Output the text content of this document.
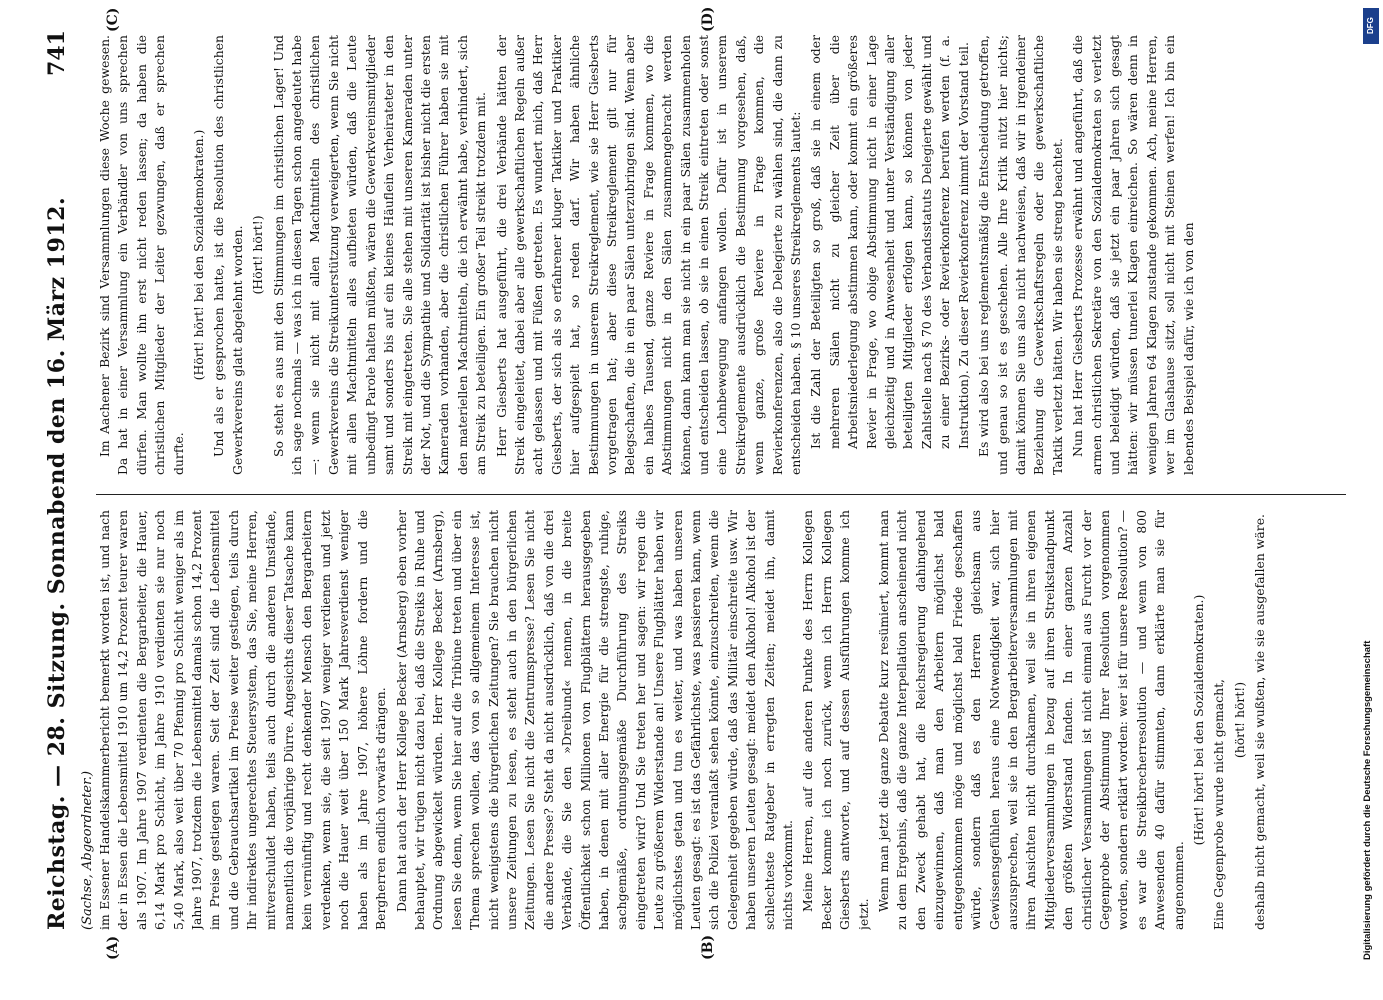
Reichstag. — 28. Sitzung. Sonnabend den 16. März 1912.
741
(Sachse, Abgeordneter.)
(A)	(B)
(C)	(D)

im Essener Handelskammerbericht bemerkt worden ist, und nach der in Essen die Lebensmittel 1910 um 14,2 Prozent teurer waren als 1907. Im Jahre 1907 verdienten die Bergarbeiter, die Hauer, 6,14 Mark pro Schicht, im Jahre 1910 verdienten sie nur noch 5,40 Mark, also weit über 70 Pfennig pro Schicht weniger als im Jahre 1907, trotzdem die Lebensmittel damals schon 14,2 Prozent im Preise gestiegen waren. Seit der Zeit sind die Lebensmittel und die Gebrauchsartikel im Preise weiter gestiegen, teils durch Ihr indirektes ungerechtes Steuersystem, das Sie, meine Herren, mitverschuldet haben, teils auch durch die anderen Umstände, namentlich die vorjährige Dürre. Angesichts dieser Tatsache kann kein vernünftig und recht denkender Mensch den Bergarbeitern verdenken, wenn sie, die seit 1907 weniger verdienen und jetzt noch die Hauer weit über 150 Mark Jahresverdienst weniger haben als im Jahre 1907, höhere Löhne fordern und die Bergherren endlich vorwärts drängen. Dann hat auch der Herr Kollege Becker (Arnsberg) eben vorher behauptet, wir trügen nicht dazu bei, daß die Streiks in Ruhe und Ordnung abgewickelt würden. Herr Kollege Becker (Arnsberg), lesen Sie denn, wenn Sie hier auf die Tribüne treten und über ein Thema sprechen wollen, das von so allgemeinem Interesse ist, nicht wenigstens die bürgerlichen Zeitungen? Sie brauchen nicht unsere Zeitungen zu lesen, es steht auch in den bürgerlichen Zeitungen. Lesen Sie nicht die Zentrumspresse? Lesen Sie nicht die andere Presse? Steht da nicht ausdrücklich, daß von die drei Verbände, die Sie den »Dreibund« nennen, in die breite Öffentlichkeit schon Millionen von Flugblättern herausgegeben haben, in denen mit aller Energie für die strengste, ruhige, sachgemäße, ordnungsgemäße Durchführung des Streiks eingetreten wird? Und Sie treten her und sagen: wir regen die Leute zu größerem Widerstande an! Unsere Flugblätter haben wir möglichstes getan und tun es weiter, und was haben unseren Leuten gesagt: es ist das Gefährlichste, was passieren kann, wenn sich die Polizei veranlaßt sehen könnte, einzuschreiten, wenn die Gelegenheit gegeben würde, daß das Militär einschreite usw. Wir haben unseren Leuten gesagt: meidet den Alkohol! Alkohol ist der schlechteste Ratgeber in erregten Zeiten; meidet ihn, damit nichts vorkommt. Meine Herren, auf die anderen Punkte des Herrn Kollegen Becker komme ich noch zurück, wenn ich Herrn Kollegen Giesberts antworte, und auf dessen Ausführungen komme ich jetzt.

Wenn man jetzt die ganze Debatte kurz resümiert, kommt man zu dem Ergebnis, daß die ganze Interpellation anscheinend nicht den Zweck gehabt hat, die Reichsregierung dahingehend einzugewinnen, daß man den Arbeitern möglichst bald entgegenkommen möge und möglichst bald Friede geschaffen würde, sondern daß es den Herren gleichsam aus Gewissensgefühlen heraus eine Notwendigkeit war, sich hier auszusprechen, weil sie in den Bergarbeiterversammlungen mit ihren Ansichten nicht durchkamen, weil sie in ihren eigenen Mitgliederversammlungen in bezug auf ihren Streikstandpunkt den größten Widerstand fanden. In einer ganzen Anzahl christlicher Versammlungen ist nicht einmal aus Furcht vor der Gegenprobe der Abstimmung Ihrer Resolution vorgenommen worden, sondern erklärt worden: wer ist für unsere Resolution? — es war die Streikbrecherresolution — und wenn von 800 Anwesenden 40 dafür stimmten, dann erklärte man sie für angenommen.

(Hört! hört! bei den Sozialdemokraten.) Eine Gegenprobe wurde nicht gemacht, (hört! hört!) deshalb nicht gemacht, weil sie wußten, wie sie ausgefallen wäre.

Im Aachener Bezirk sind Versammlungen diese Woche gewesen. Da hat in einer Versammlung ein Verbändler von uns sprechen dürfen. Man wollte ihn erst nicht reden lassen; da haben die christlichen Mitglieder der Leiter gezwungen, daß er sprechen durfte.

(Hört! hört! bei den Sozialdemokraten.) Und als er gesprochen hatte, ist die Resolution des christlichen Gewerkvereins glatt abgelehnt worden. (Hört! hört!) So steht es aus mit den Stimmungen im christlichen Lager! Und ich sage nochmals — was ich in diesen Tagen schon angedeutet habe —: wenn sie nicht mit allen Machtmitteln des christlichen Gewerkvereins die Streikunterstützung verweigerten, wenn Sie nicht mit allen Machtmitteln alles aufbieten würden, daß die Leute unbedingt Parole halten müßten, wären die Gewerkvereinsmitglieder samt und sonders bis auf ein kleines Häuflein Verheirateter in den Streik mit eingetreten. Sie alle stehen mit unseren Kameraden unter der Not, und die Sympathie und Solidarität ist bisher nicht die ersten Kameraden vorhanden, aber die christlichen Führer haben sie mit den materiellen Machtmitteln, die ich erwähnt habe, verhindert, sich am Streik zu beteiligen. Ein großer Teil streikt trotzdem mit. Herr Giesberts hat ausgeführt, die drei Verbände hätten der Streik eingeleitet, dabei aber alle gewerkschaftlichen Regeln außer acht gelassen und mit Füßen getreten. Es wundert mich, daß Herr Giesberts, der sich als so erfahrener kluger Taktiker und Praktiker hier aufgespielt hat, so reden darf. Wir haben ähnliche Bestimmungen in unserem Streikreglement, wie sie Herr Giesberts vorgetragen hat; aber diese Streikreglement gilt nur für Belegschaften, die in ein paar Sälen unterzubringen sind. Wenn aber ein halbes Tausend, ganze Reviere in Frage kommen, wo die Abstimmungen nicht in den Sälen zusammengebracht werden können, dann kann man sie nicht in ein paar Sälen zusammenholen und entscheiden lassen, ob sie in einen Streik eintreten oder sonst eine Lohnbewegung anfangen wollen. Dafür ist in unserem Streikreglemente ausdrücklich die Bestimmung vorgesehen, daß, wenn ganze, große Reviere in Frage kommen, die Revierkonferenzen, also die Delegierte zu wählen sind, die dann zu entscheiden haben. § 10 unseres Streikreglements lautet: Ist die Zahl der Beteiligten so groß, daß sie in einem oder mehreren Sälen nicht zu gleicher Zeit über die Arbeitsniederlegung abstimmen kann, oder kommt ein größeres Revier in Frage, wo obige Abstimmung nicht in einer Lage gleichzeitig und in Anwesenheit und unter Verständigung aller beteiligten Mitglieder erfolgen kann, so können von jeder Zahlstelle nach § 70 des Verbandsstatuts Delegierte gewählt und zu einer Bezirks- oder Revierkonferenz berufen werden (f. a. Instruktion). Zu dieser Revierkonferenz nimmt der Vorstand teil. Es wird also bei uns reglementsmäßig die Entscheidung getroffen, und genau so ist es geschehen. Alle Ihre Kritik nützt hier nichts; damit können Sie uns also nicht nachweisen, daß wir in irgendeiner Beziehung die Gewerkschaftsregeln oder die gewerkschaftliche Taktik verletzt hätten. Wir haben sie streng beachtet. Nun hat Herr Giesberts Prozesse erwähnt und angeführt, daß die armen christlichen Sekretäre von den Sozialdemokraten so verletzt und beleidigt würden, daß sie jetzt ein paar Jahren sich gesagt hätten: wir müssen tunerlei Klagen einreichen. So wären denn in wenigen Jahren 64 Klagen zustande gekommen. Ach, meine Herren, wer im Glashause sitzt, soll nicht mit Steinen werfen! Ich bin ein lebendes Beispiel dafür, wie ich von den

DFG
Digitalisierung gefördert durch die Deutsche Forschungsgemeinschaft
